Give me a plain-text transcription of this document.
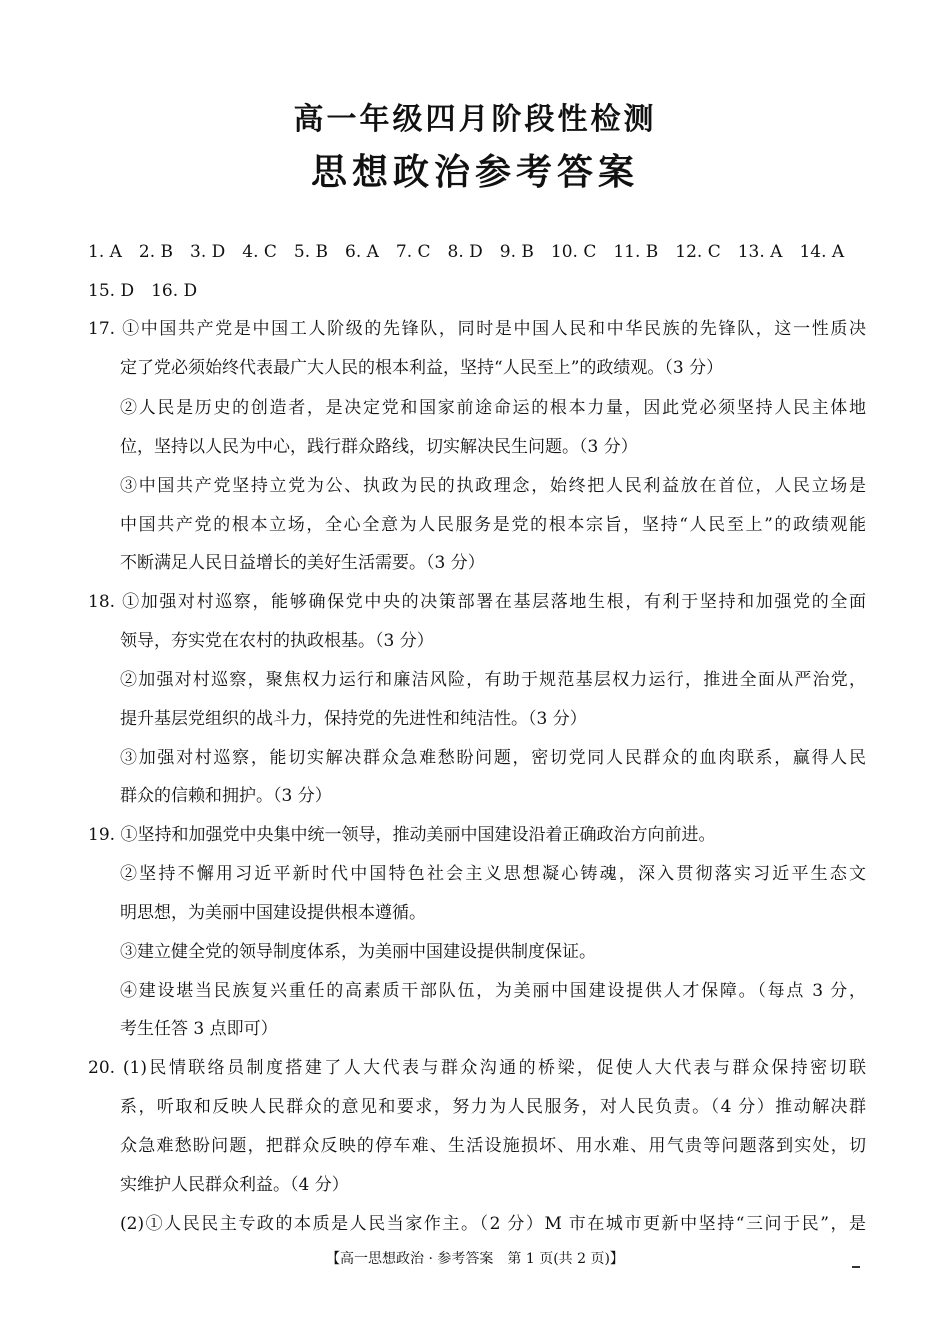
高一年级四月阶段性检测
思想政治参考答案
1. A　2. B　3. D　4. C　5. B　6. A　7. C　8. D　9. B　10. C　11. B　12. C　13. A　14. A
15. D　16. D
17. ①中国共产党是中国工人阶级的先锋队，同时是中国人民和中华民族的先锋队，这一性质决
定了党必须始终代表最广大人民的根本利益，坚持“人民至上”的政绩观。（3 分）
②人民是历史的创造者，是决定党和国家前途命运的根本力量，因此党必须坚持人民主体地
位，坚持以人民为中心，践行群众路线，切实解决民生问题。（3 分）
③中国共产党坚持立党为公、执政为民的执政理念，始终把人民利益放在首位，人民立场是
中国共产党的根本立场，全心全意为人民服务是党的根本宗旨，坚持“人民至上”的政绩观能
不断满足人民日益增长的美好生活需要。（3 分）
18. ①加强对村巡察，能够确保党中央的决策部署在基层落地生根，有利于坚持和加强党的全面
领导，夯实党在农村的执政根基。（3 分）
②加强对村巡察，聚焦权力运行和廉洁风险，有助于规范基层权力运行，推进全面从严治党，
提升基层党组织的战斗力，保持党的先进性和纯洁性。（3 分）
③加强对村巡察，能切实解决群众急难愁盼问题，密切党同人民群众的血肉联系，赢得人民
群众的信赖和拥护。（3 分）
19. ①坚持和加强党中央集中统一领导，推动美丽中国建设沿着正确政治方向前进。
②坚持不懈用习近平新时代中国特色社会主义思想凝心铸魂，深入贯彻落实习近平生态文
明思想，为美丽中国建设提供根本遵循。
③建立健全党的领导制度体系，为美丽中国建设提供制度保证。
④建设堪当民族复兴重任的高素质干部队伍，为美丽中国建设提供人才保障。（每点 3 分，
考生任答 3 点即可）
20. (1)民情联络员制度搭建了人大代表与群众沟通的桥梁，促使人大代表与群众保持密切联
系，听取和反映人民群众的意见和要求，努力为人民服务，对人民负责。（4 分）推动解决群
众急难愁盼问题，把群众反映的停车难、生活设施损坏、用水难、用气贵等问题落到实处，切
实维护人民群众利益。（4 分）
(2)①人民民主专政的本质是人民当家作主。（2 分）M 市在城市更新中坚持“三问于民”，是
【高一思想政治 · 参考答案　第 1 页(共 2 页)】
